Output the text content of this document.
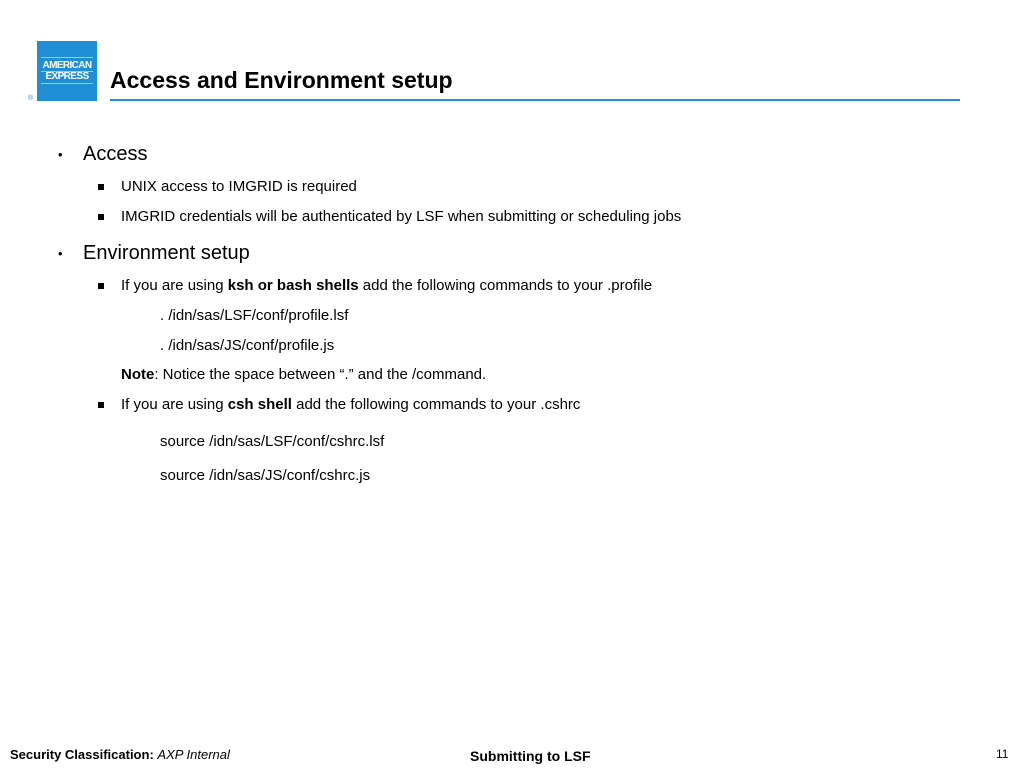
AMERICAN
EXPRESS
®
Access and Environment setup
• Access
UNIX access to IMGRID is required
IMGRID credentials will be authenticated by LSF when submitting or scheduling jobs
• Environment setup
If you are using ksh or bash shells add the following commands to your .profile
. /idn/sas/LSF/conf/profile.lsf
. /idn/sas/JS/conf/profile.js
Note: Notice the space between “.” and the /command.
If you are using csh shell add the following commands to your .cshrc
source /idn/sas/LSF/conf/cshrc.lsf
source /idn/sas/JS/conf/cshrc.js
Security Classification: AXP Internal	Submitting to LSF	11
